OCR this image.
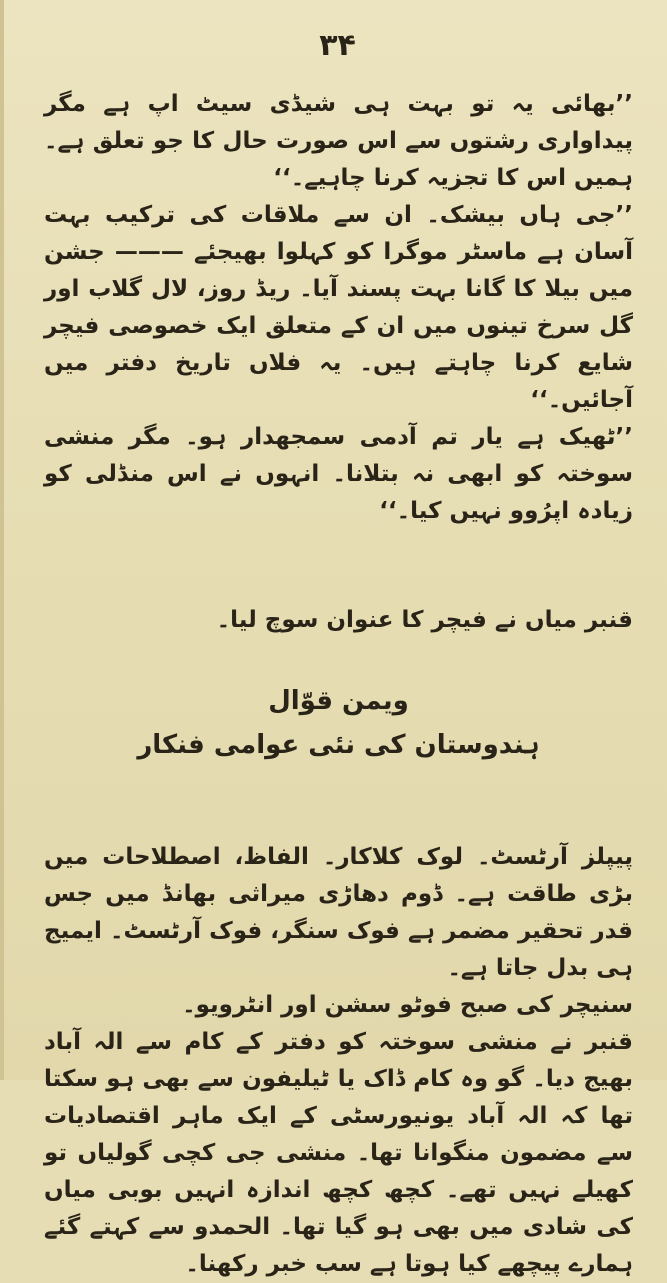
۳۴

’’بھائی یہ تو بہت ہی شیڈی سیٹ اپ ہے مگر پیداواری رشتوں سے اس صورت حال کا جو تعلق ہے۔ ہمیں اس کا تجزیہ کرنا چاہیے۔‘‘

’’جی ہاں بیشک۔ ان سے ملاقات کی ترکیب بہت آسان ہے ماسٹر موگرا کو کہلوا بھیجئے ——— جشن میں بیلا کا گانا بہت پسند آیا۔ ریڈ روز، لال گلاب اور گل سرخ تینوں میں ان کے متعلق ایک خصوصی فیچر شایع کرنا چاہتے ہیں۔ یہ فلاں تاریخ دفتر میں آجائیں۔‘‘

’’ٹھیک ہے یار تم آدمی سمجھدار ہو۔ مگر منشی سوختہ کو ابھی نہ بتلانا۔ انہوں نے اس منڈلی کو زیادہ اپرُوو نہیں کیا۔‘‘

قنبر میاں نے فیچر کا عنوان سوچ لیا۔

ویمن قوّال
ہندوستان کی نئی عوامی فنکار

پیپلز آرٹسٹ۔ لوک کلاکار۔ الفاظ، اصطلاحات میں بڑی طاقت ہے۔ ڈوم دھاڑی میراثی بھانڈ میں جس قدر تحقیر مضمر ہے فوک سنگر، فوک آرٹسٹ۔ ایمیج ہی بدل جاتا ہے۔

سنیچر کی صبح فوٹو سشن اور انٹرویو۔

قنبر نے منشی سوختہ کو دفتر کے کام سے الہ آباد بھیج دیا۔ گو وہ کام ڈاک یا ٹیلیفون سے بھی ہو سکتا تھا کہ الہ آباد یونیورسٹی کے ایک ماہر اقتصادیات سے مضمون منگوانا تھا۔ منشی جی کچی گولیاں تو کھیلے نہیں تھے۔ کچھ کچھ اندازہ انہیں بوبی میاں کی شادی میں بھی ہو گیا تھا۔ الحمدو سے کہتے گئے ہمارے پیچھے کیا ہوتا ہے سب خبر رکھنا۔
